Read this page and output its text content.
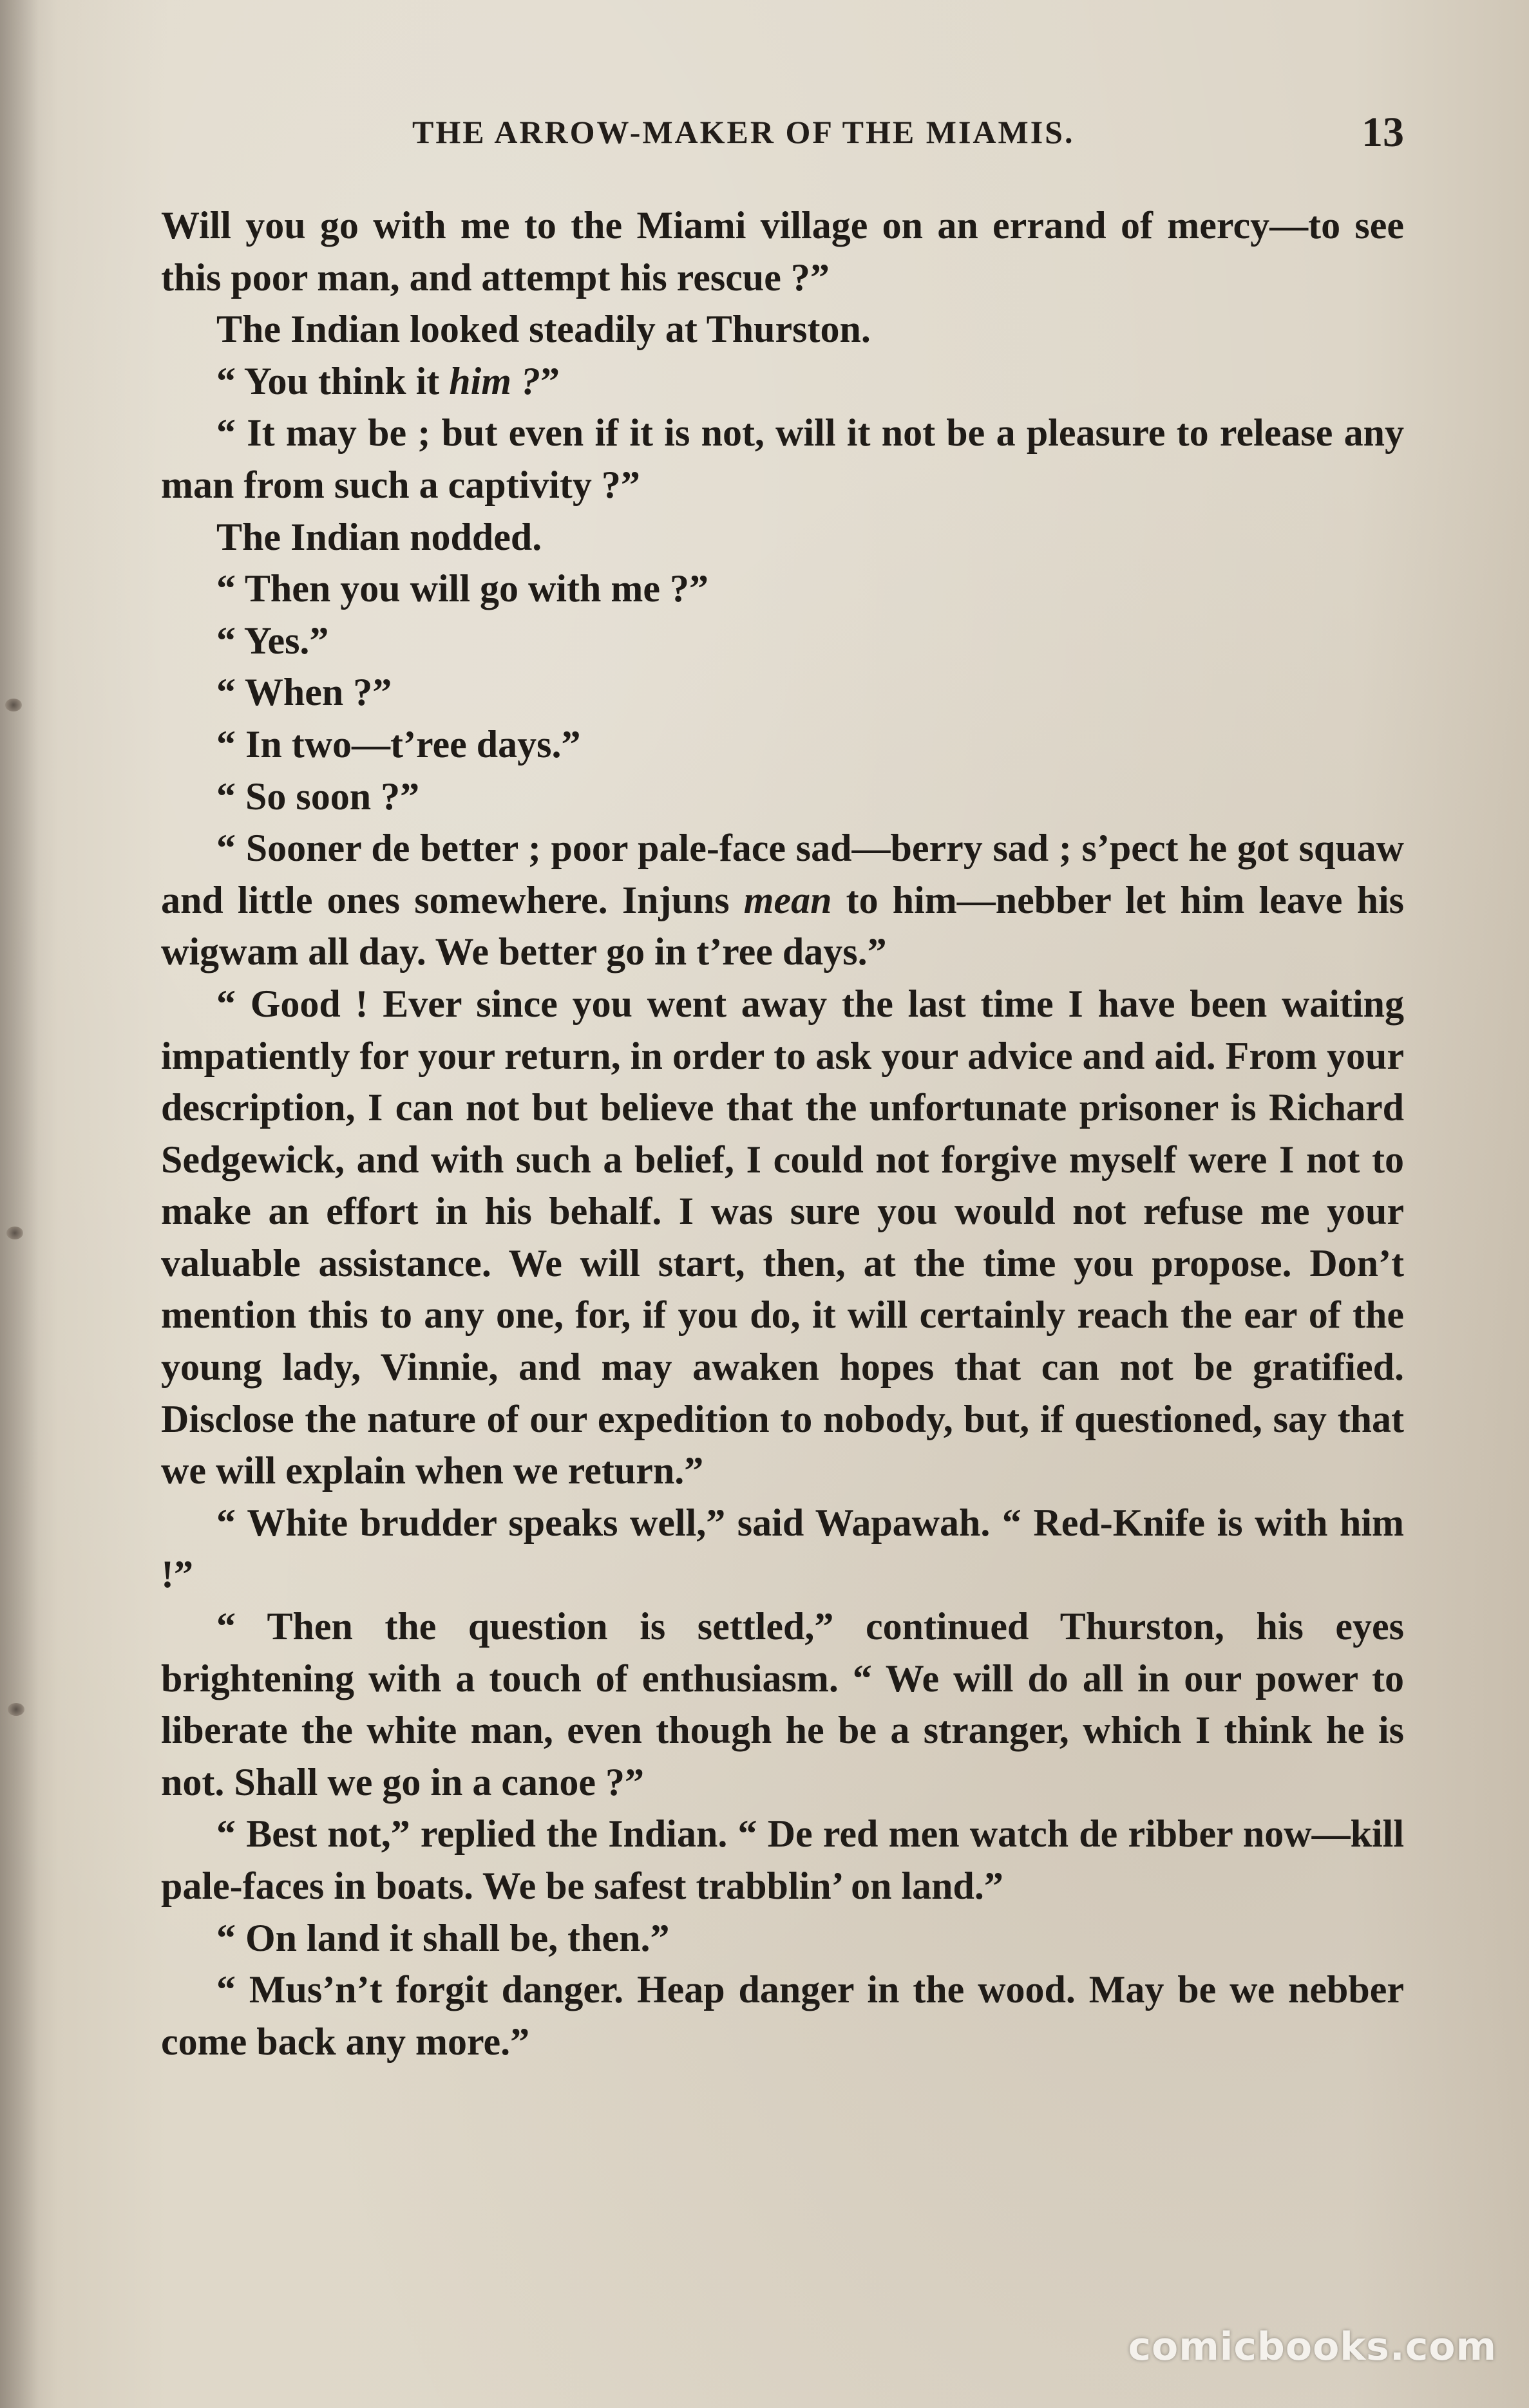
THE ARROW-MAKER OF THE MIAMIS.	13

Will you go with me to the Miami village on an errand of mercy—to see this poor man, and attempt his rescue ?”

The Indian looked steadily at Thurston.

“ You think it him ?”

“ It may be ; but even if it is not, will it not be a pleasure to release any man from such a captivity ?”

The Indian nodded.

“ Then you will go with me ?”

“ Yes.”

“ When ?”

“ In two—t’ree days.”

“ So soon ?”

“ Sooner de better ; poor pale-face sad—berry sad ; s’pect he got squaw and little ones somewhere. Injuns mean to him—nebber let him leave his wigwam all day. We better go in t’ree days.”

“ Good ! Ever since you went away the last time I have been waiting impatiently for your return, in order to ask your advice and aid. From your description, I can not but believe that the unfortunate prisoner is Richard Sedgewick, and with such a belief, I could not forgive myself were I not to make an effort in his behalf. I was sure you would not refuse me your valuable assistance. We will start, then, at the time you propose. Don’t mention this to any one, for, if you do, it will certainly reach the ear of the young lady, Vinnie, and may awaken hopes that can not be gratified. Disclose the nature of our expedition to nobody, but, if questioned, say that we will explain when we return.”

“ White brudder speaks well,” said Wapawah. “ Red-Knife is with him !”

“ Then the question is settled,” continued Thurston, his eyes brightening with a touch of enthusiasm. “ We will do all in our power to liberate the white man, even though he be a stranger, which I think he is not. Shall we go in a canoe ?”

“ Best not,” replied the Indian. “ De red men watch de ribber now—kill pale-faces in boats. We be safest trabblin’ on land.”

“ On land it shall be, then.”

“ Mus’n’t forgit danger. Heap danger in the wood. May be we nebber come back any more.”

comicbooks.com
